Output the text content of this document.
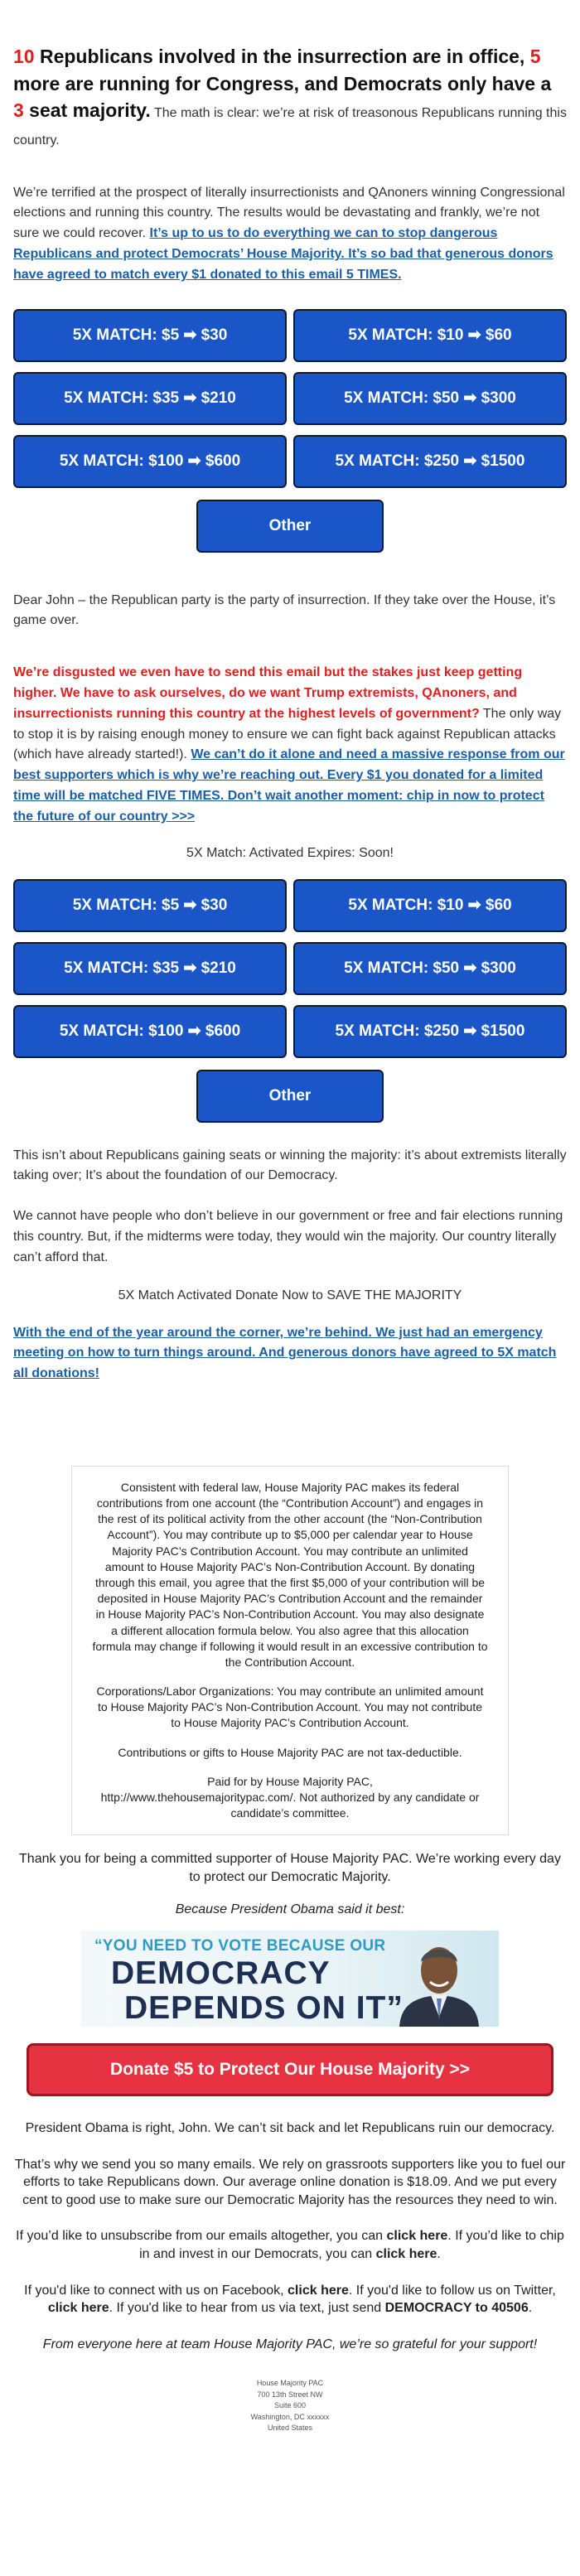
10 Republicans involved in the insurrection are in office, 5 more are running for Congress, and Democrats only have a 3 seat majority. The math is clear: we’re at risk of treasonous Republicans running this country.

We’re terrified at the prospect of literally insurrectionists and QAnoners winning Congressional elections and running this country. The results would be devastating and frankly, we’re not sure we could recover. It’s up to us to do everything we can to stop dangerous Republicans and protect Democrats’ House Majority. It’s so bad that generous donors have agreed to match every $1 donated to this email 5 TIMES.

5X MATCH: $5 ➡ $30	5X MATCH: $10 ➡ $60
5X MATCH: $35 ➡ $210	5X MATCH: $50 ➡ $300
5X MATCH: $100 ➡ $600	5X MATCH: $250 ➡ $1500
Other

Dear John – the Republican party is the party of insurrection. If they take over the House, it’s game over.

We’re disgusted we even have to send this email but the stakes just keep getting higher. We have to ask ourselves, do we want Trump extremists, QAnoners, and insurrectionists running this country at the highest levels of government? The only way to stop it is by raising enough money to ensure we can fight back against Republican attacks (which have already started!). We can’t do it alone and need a massive response from our best supporters which is why we’re reaching out. Every $1 you donated for a limited time will be matched FIVE TIMES. Don’t wait another moment: chip in now to protect the future of our country >>>

5X Match: Activated Expires: Soon!

5X MATCH: $5 ➡ $30	5X MATCH: $10 ➡ $60
5X MATCH: $35 ➡ $210	5X MATCH: $50 ➡ $300
5X MATCH: $100 ➡ $600	5X MATCH: $250 ➡ $1500
Other

This isn’t about Republicans gaining seats or winning the majority: it’s about extremists literally taking over; It’s about the foundation of our Democracy.

We cannot have people who don’t believe in our government or free and fair elections running this country. But, if the midterms were today, they would win the majority. Our country literally can’t afford that.

5X Match Activated Donate Now to SAVE THE MAJORITY

With the end of the year around the corner, we’re behind. We just had an emergency meeting on how to turn things around. And generous donors have agreed to 5X match all donations!

Consistent with federal law, House Majority PAC makes its federal contributions from one account (the “Contribution Account”) and engages in the rest of its political activity from the other account (the “Non-Contribution Account”). You may contribute up to $5,000 per calendar year to House Majority PAC’s Contribution Account. You may contribute an unlimited amount to House Majority PAC’s Non-Contribution Account. By donating through this email, you agree that the first $5,000 of your contribution will be deposited in House Majority PAC’s Contribution Account and the remainder in House Majority PAC’s Non-Contribution Account. You may also designate a different allocation formula below. You also agree that this allocation formula may change if following it would result in an excessive contribution to the Contribution Account.

Corporations/Labor Organizations: You may contribute an unlimited amount to House Majority PAC’s Non-Contribution Account. You may not contribute to House Majority PAC’s Contribution Account.

Contributions or gifts to House Majority PAC are not tax-deductible.

Paid for by House Majority PAC,
http://www.thehousemajoritypac.com/. Not authorized by any candidate or candidate’s committee.

Thank you for being a committed supporter of House Majority PAC. We’re working every day to protect our Democratic Majority.

Because President Obama said it best:

“YOU NEED TO VOTE BECAUSE OUR
DEMOCRACY
DEPENDS ON IT”
Donate $5 to Protect Our House Majority >>

President Obama is right, John. We can’t sit back and let Republicans ruin our democracy.

That’s why we send you so many emails. We rely on grassroots supporters like you to fuel our efforts to take Republicans down. Our average online donation is $18.09. And we put every cent to good use to make sure our Democratic Majority has the resources they need to win.

If you’d like to unsubscribe from our emails altogether, you can click here. If you’d like to chip in and invest in our Democrats, you can click here.

If you'd like to connect with us on Facebook, click here. If you'd like to follow us on Twitter, click here. If you'd like to hear from us via text, just send DEMOCRACY to 40506.

From everyone here at team House Majority PAC, we’re so grateful for your support!

House Majority PAC
700 13th Street NW
Suite 600
Washington, DC xxxxxx
United States
